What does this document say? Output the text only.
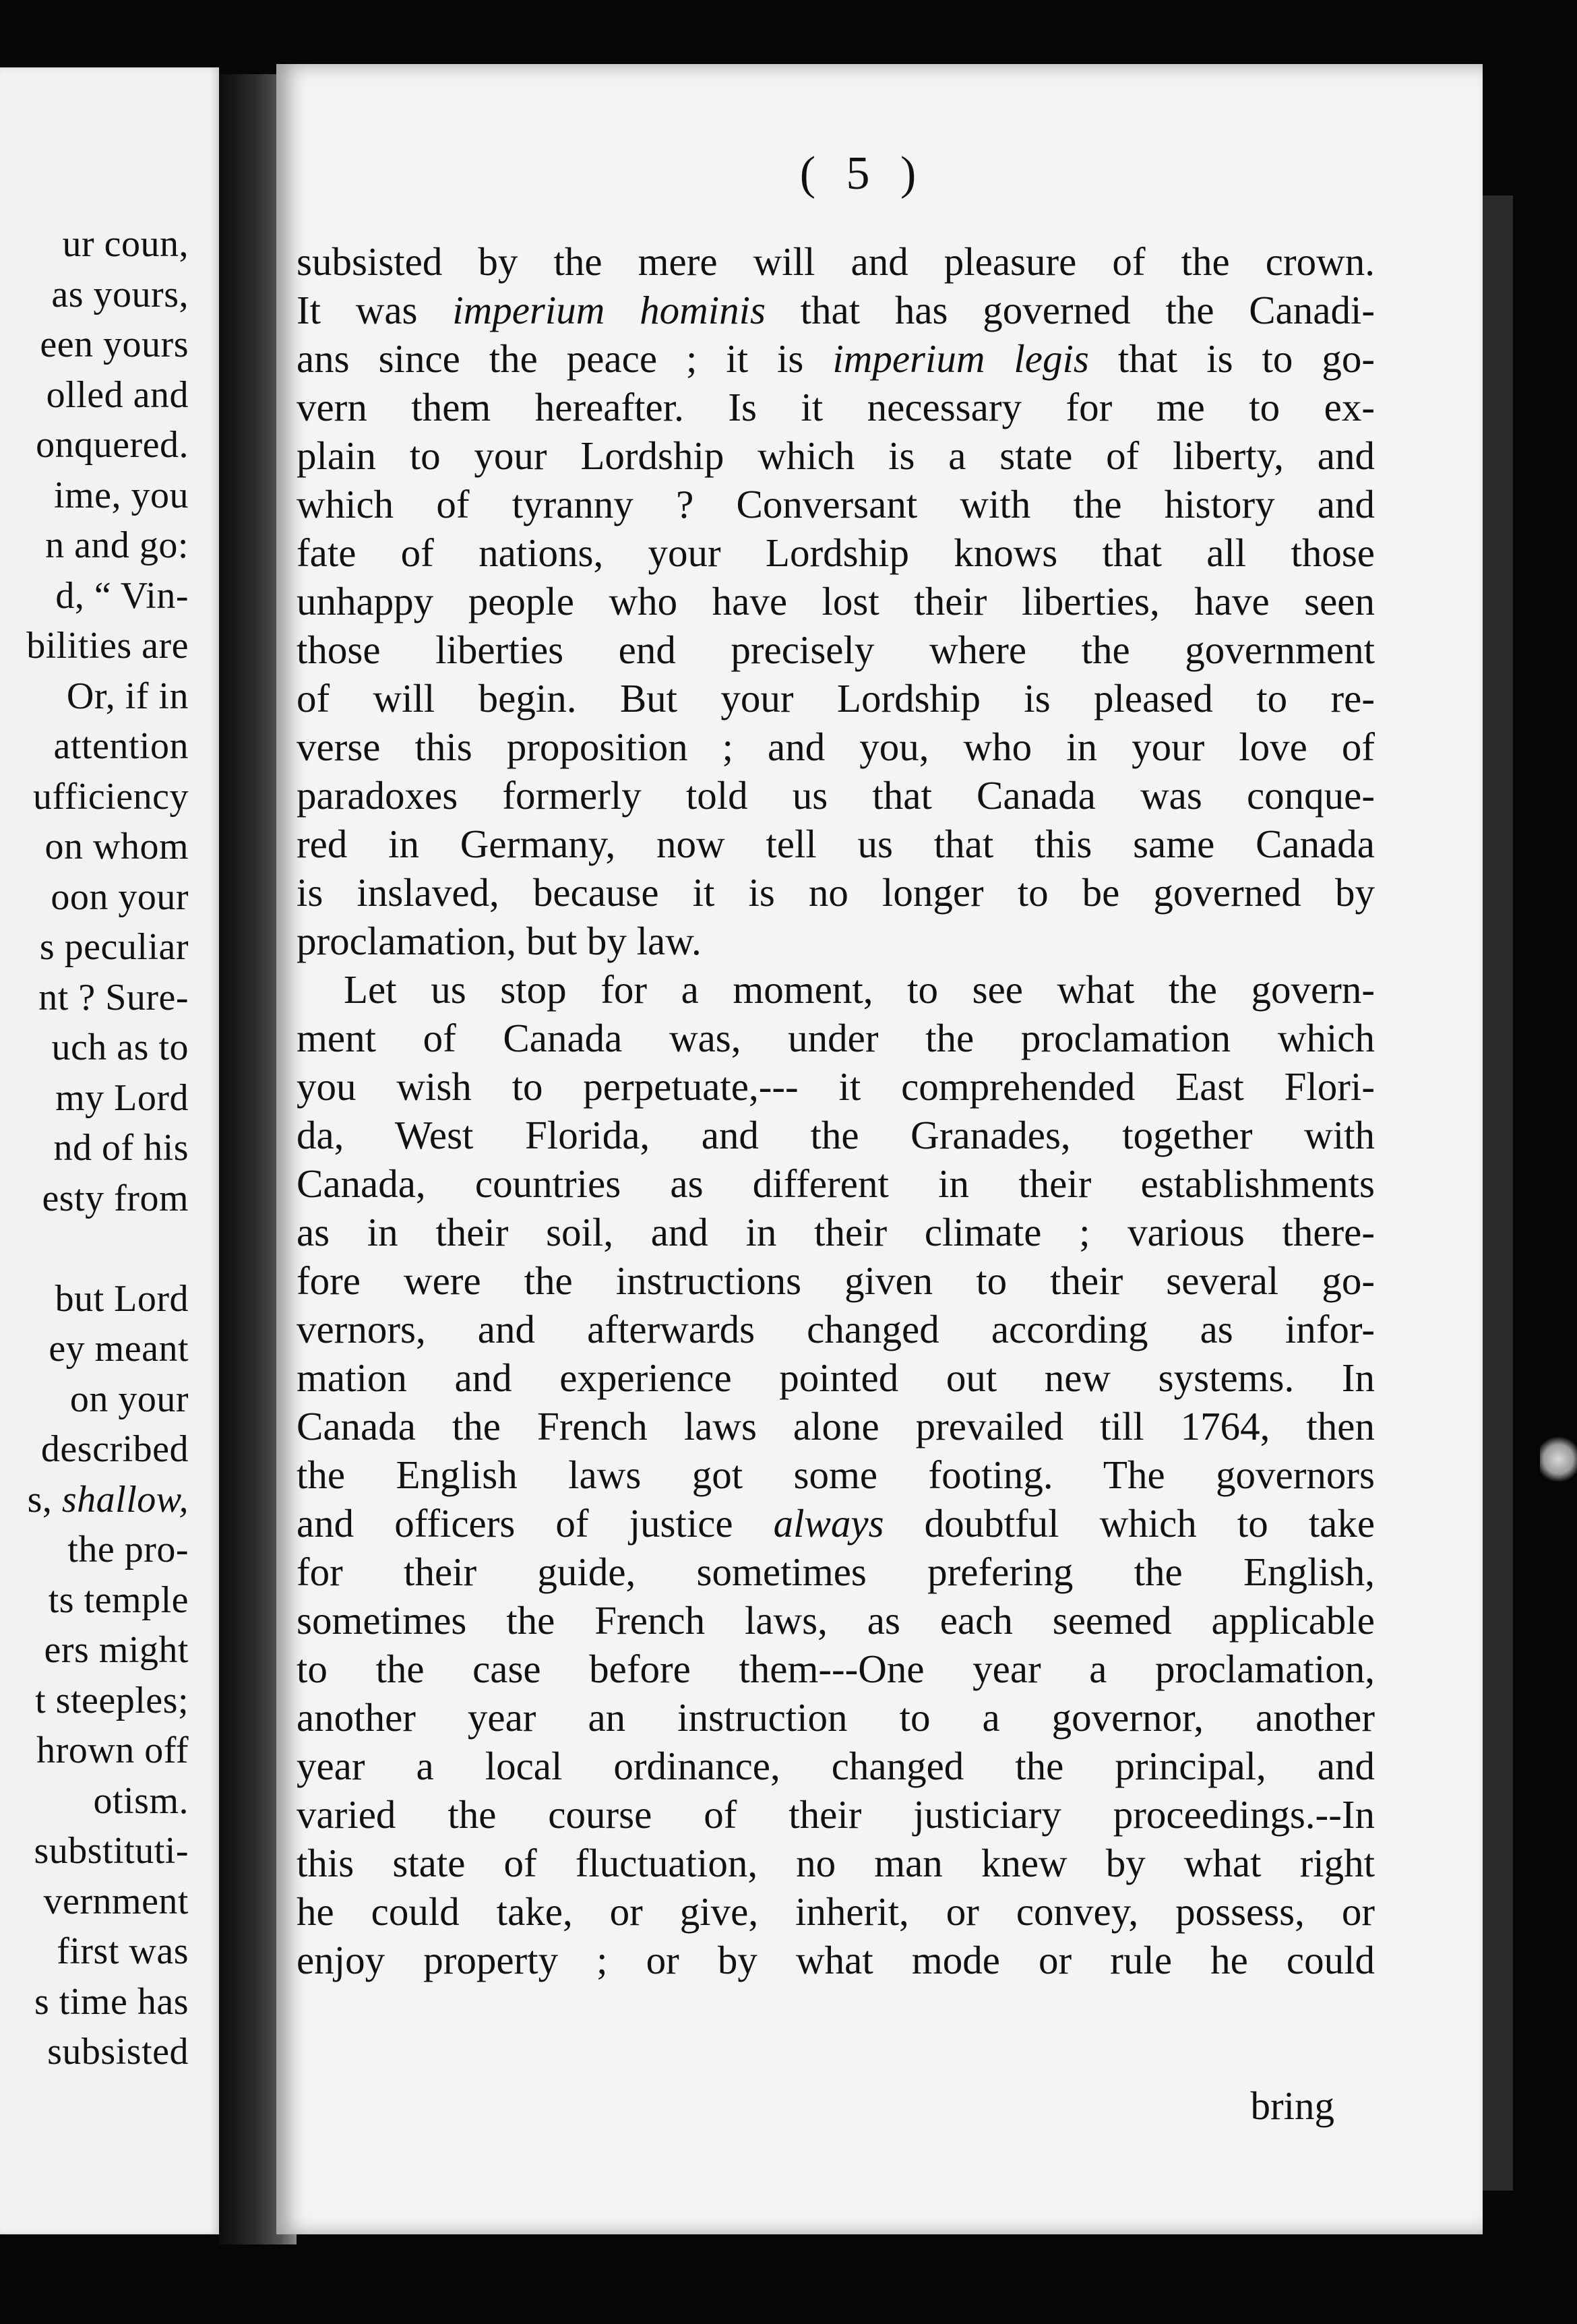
ur coun,
as yours,
een yours
olled and
onquered.
ime, you
n and go:
d, “ Vin-
bilities are
Or, if in
attention
ufficiency
on whom
oon your
s peculiar
nt ? Sure-
uch as to
my Lord
nd of his
esty from
but Lord
ey meant
on your
described
s, shallow,
the pro-
ts temple
ers might
t steeples;
hrown off
otism.
substituti-
vernment
first was
s time has
subsisted
( 5 )
subsisted by the mere will and pleasure of the crown.
It was imperium hominis that has governed the Canadi-
ans since the peace ; it is imperium legis that is to go-
vern them hereafter. Is it necessary for me to ex-
plain to your Lordship which is a state of liberty, and
which of tyranny ? Conversant with the history and
fate of nations, your Lordship knows that all those
unhappy people who have lost their liberties, have seen
those liberties end precisely where the government
of will begin. But your Lordship is pleased to re-
verse this proposition ; and you, who in your love of
paradoxes formerly told us that Canada was conque-
red in Germany, now tell us that this same Canada
is inslaved, because it is no longer to be governed by
proclamation, but by law.
Let us stop for a moment, to see what the govern-
ment of Canada was, under the proclamation which
you wish to perpetuate,--- it comprehended East Flori-
da, West Florida, and the Granades, together with
Canada, countries as different in their establishments
as in their soil, and in their climate ; various there-
fore were the instructions given to their several go-
vernors, and afterwards changed according as infor-
mation and experience pointed out new systems. In
Canada the French laws alone prevailed till 1764, then
the English laws got some footing. The governors
and officers of justice always doubtful which to take
for their guide, sometimes prefering the English,
sometimes the French laws, as each seemed applicable
to the case before them---One year a proclamation,
another year an instruction to a governor, another
year a local ordinance, changed the principal, and
varied the course of their justiciary proceedings.--In
this state of fluctuation, no man knew by what right
he could take, or give, inherit, or convey, possess, or
enjoy property ; or by what mode or rule he could
bring
